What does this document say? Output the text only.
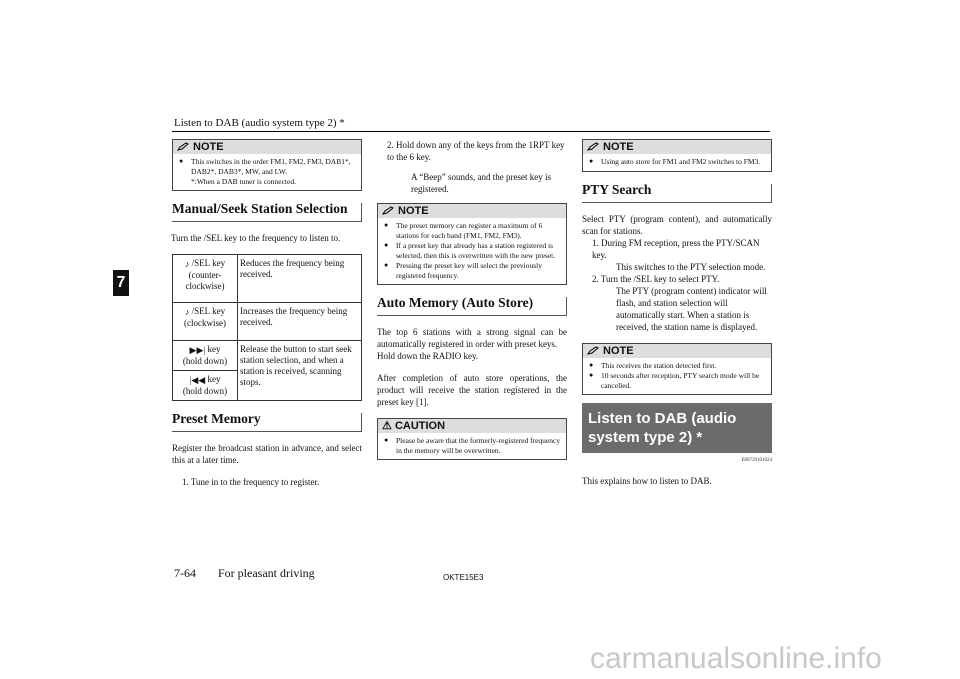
Listen to DAB (audio system type 2) *
7
NOTE
●	This switches in the order FM1, FM2, FM3, DAB1*, DAB2*, DAB3*, MW, and LW.
*:When a DAB tuner is connected.
Manual/Seek Station Selection

Turn the /SEL key to the frequency to listen to.

♪ /SEL key
(counter-clockwise)	Reduces the frequency being received.
♪ /SEL key
(clockwise)	Increases the frequency being received.
▶▶| key
(hold down)	Release the button to start seek station selection, and when a station is received, scanning stops.
|◀◀ key
(hold down)	
Preset Memory

Register the broadcast station in advance, and select this at a later time.

1. Tune in to the frequency to register.
2. Hold down any of the keys from the 1RPT key to the 6 key.
A “Beep” sounds, and the preset key is registered.
NOTE
●	The preset memory can register a maximum of 6 stations for each band (FM1, FM2, FM3).
●	If a preset key that already has a station registered is selected, then this is overwritten with the new preset.
●	Pressing the preset key will select the previously registered frequency.
Auto Memory (Auto Store)

The top 6 stations with a strong signal can be automatically registered in order with preset keys.

Hold down the RADIO key.

After completion of auto store operations, the product will receive the station registered in the preset key [1].

⚠ CAUTION
●	Please be aware that the formerly-registered frequency in the memory will be overwritten.
NOTE
●	Using auto store for FM1 and FM2 switches to FM3.
PTY Search

Select PTY (program content), and automatically scan for stations.

1. During FM reception, press the PTY/SCAN key.
This switches to the PTY selection mode.
2. Turn the /SEL key to select PTY.
The PTY (program content) indicator will flash, and station selection will automatically start. When a station is received, the station name is displayed.
NOTE
●	This receives the station detected first.
●	10 seconds after reception, PTY search mode will be cancelled.
Listen to DAB (audio system type 2) *
E00739101024

This explains how to listen to DAB.

7-64 For pleasant driving	OKTE15E3
carmanualsonline.info
